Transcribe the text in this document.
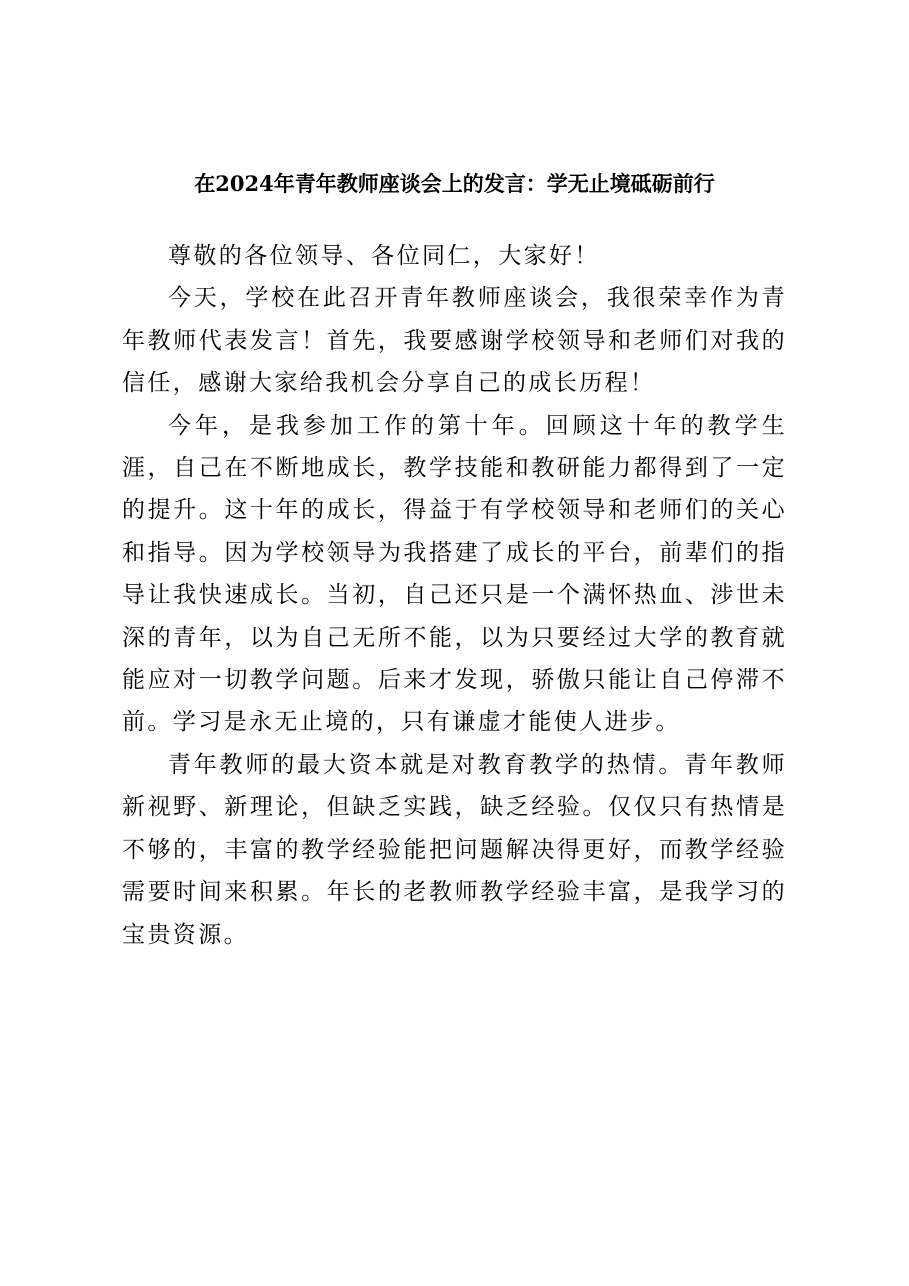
在2024年青年教师座谈会上的发言：学无止境砥砺前行

尊敬的各位领导、各位同仁，大家好！

今天，学校在此召开青年教师座谈会，我很荣幸作为青年教师代表发言！首先，我要感谢学校领导和老师们对我的信任，感谢大家给我机会分享自己的成长历程！

今年，是我参加工作的第十年。回顾这十年的教学生涯，自己在不断地成长，教学技能和教研能力都得到了一定的提升。这十年的成长，得益于有学校领导和老师们的关心和指导。因为学校领导为我搭建了成长的平台，前辈们的指导让我快速成长。当初，自己还只是一个满怀热血、涉世未深的青年，以为自己无所不能，以为只要经过大学的教育就能应对一切教学问题。后来才发现，骄傲只能让自己停滞不前。学习是永无止境的，只有谦虚才能使人进步。

青年教师的最大资本就是对教育教学的热情。青年教师新视野、新理论，但缺乏实践，缺乏经验。仅仅只有热情是不够的，丰富的教学经验能把问题解决得更好，而教学经验需要时间来积累。年长的老教师教学经验丰富，是我学习的宝贵资源。
